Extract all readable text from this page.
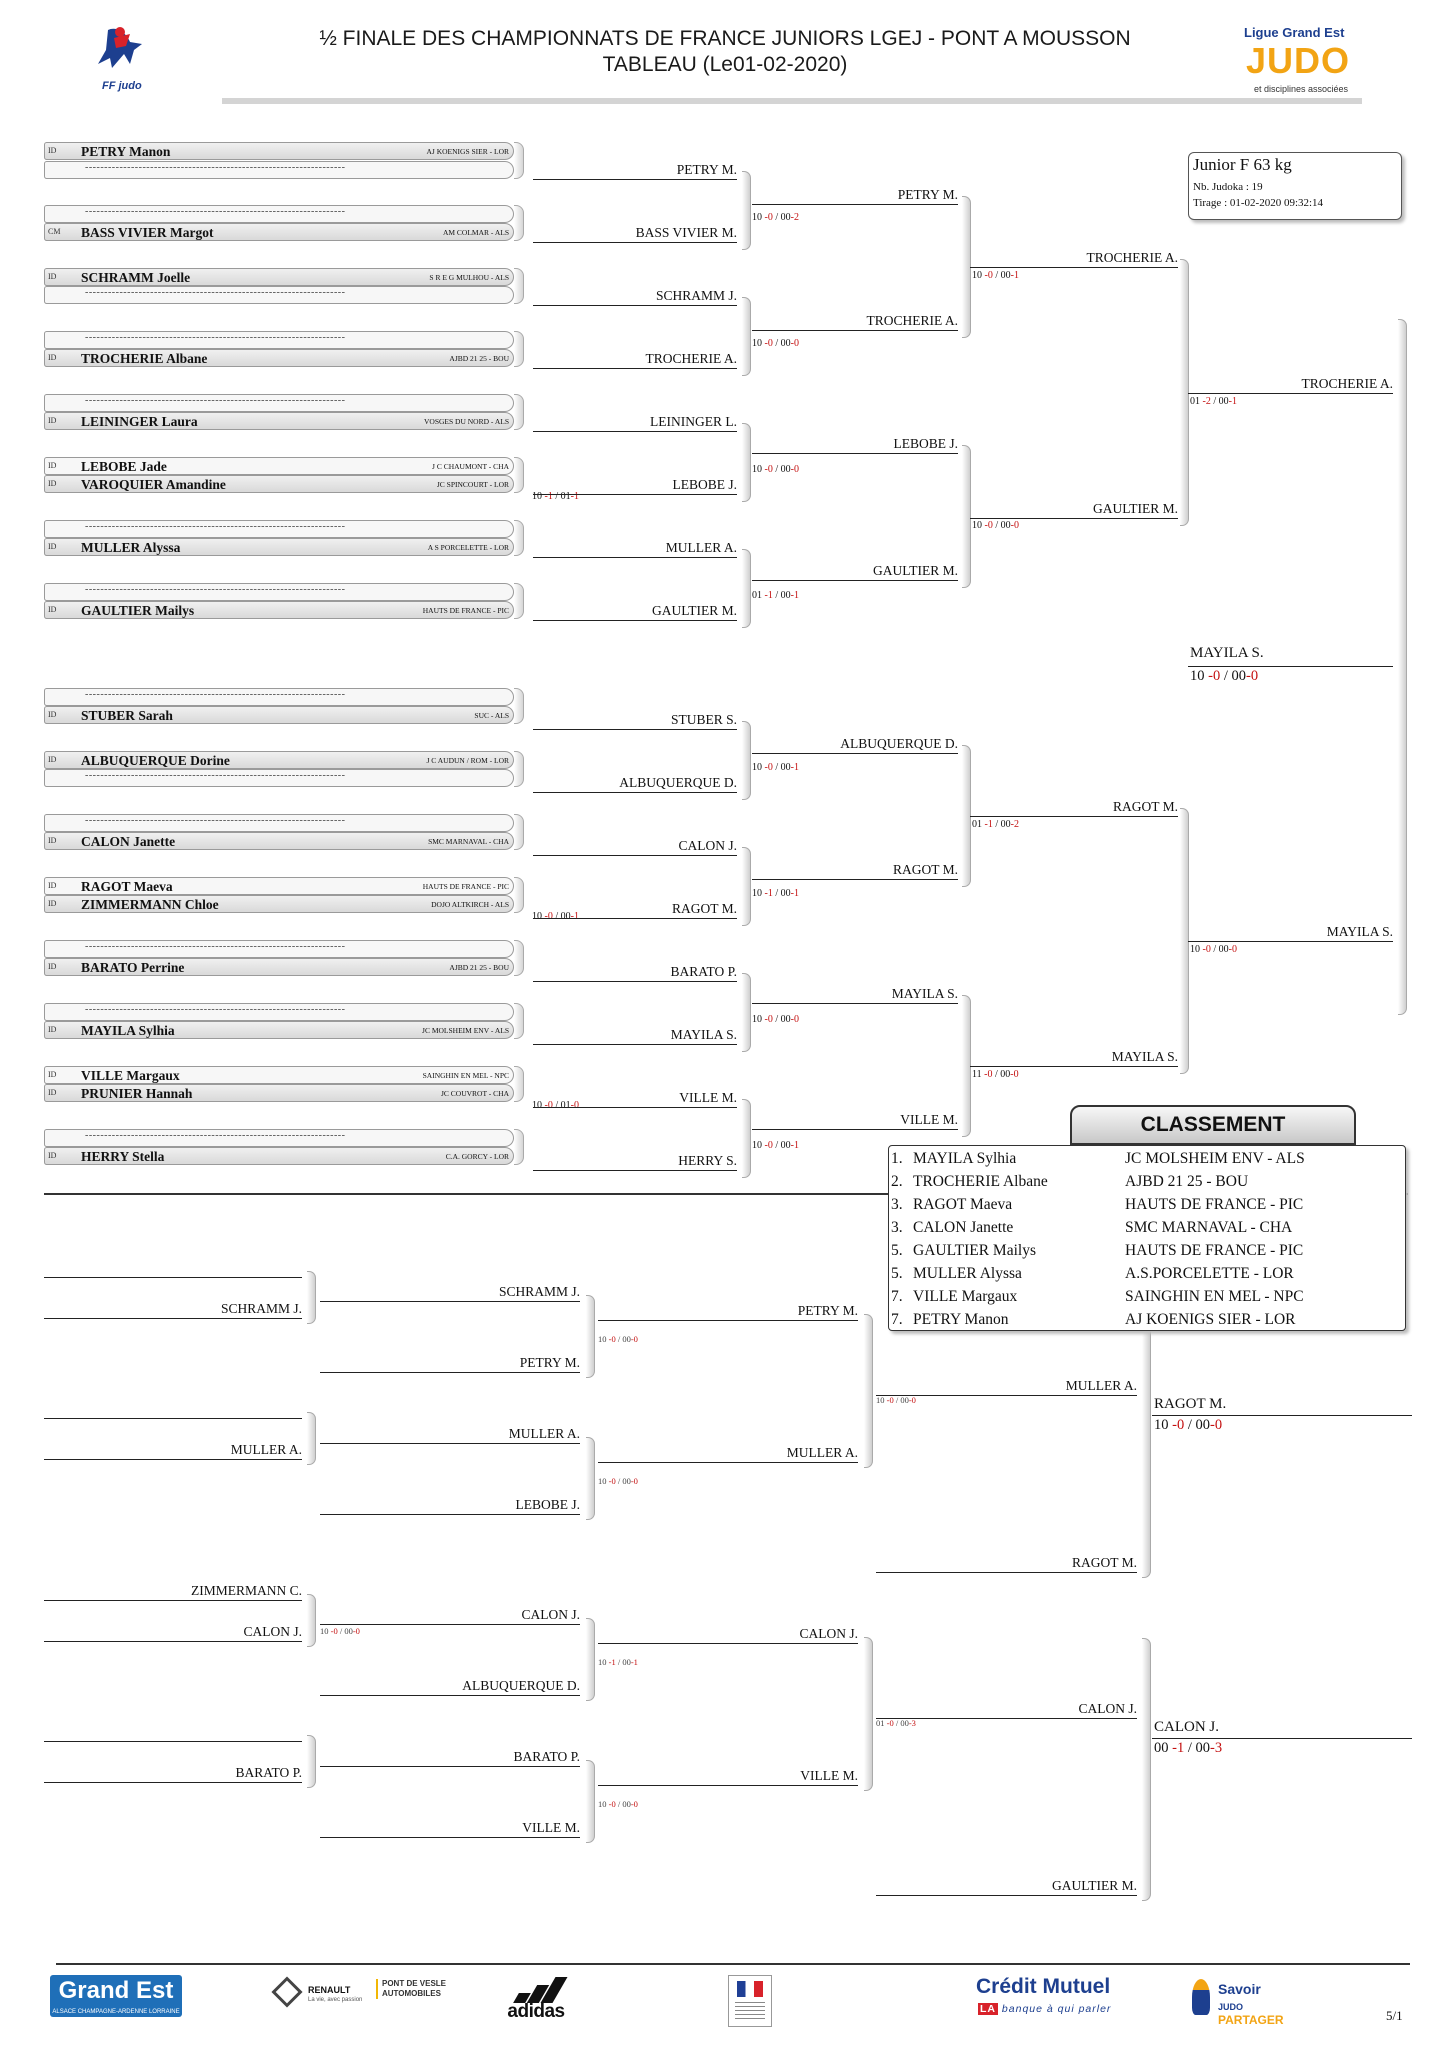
FF judo
½ FINALE DES CHAMPIONNATS DE FRANCE JUNIORS LGEJ - PONT A MOUSSON
TABLEAU (Le01-02-2020)
Ligue Grand Est
JUDO
et disciplines associées
Junior F 63 kg
Nb. Judoka : 19
Tirage : 01-02-2020 09:32:14
ID PETRY Manon	AJ KOENIGS SIER - LOR
--------------------------------------------------------------------
--------------------------------------------------------------------
CM BASS VIVIER Margot	AM COLMAR - ALS
ID SCHRAMM Joelle	S R E G MULHOU - ALS
--------------------------------------------------------------------
--------------------------------------------------------------------
ID TROCHERIE Albane	AJBD 21 25 - BOU
--------------------------------------------------------------------
ID LEININGER Laura	VOSGES DU NORD - ALS
ID LEBOBE Jade	J C CHAUMONT - CHA
ID VAROQUIER Amandine	JC SPINCOURT - LOR
--------------------------------------------------------------------
ID MULLER Alyssa	A S PORCELETTE - LOR
--------------------------------------------------------------------
ID GAULTIER Mailys	HAUTS DE FRANCE - PIC
--------------------------------------------------------------------
ID STUBER Sarah	SUC - ALS
ID ALBUQUERQUE Dorine	J C AUDUN / ROM - LOR
--------------------------------------------------------------------
--------------------------------------------------------------------
ID CALON Janette	SMC MARNAVAL - CHA
ID RAGOT Maeva	HAUTS DE FRANCE - PIC
ID ZIMMERMANN Chloe	DOJO ALTKIRCH - ALS
--------------------------------------------------------------------
ID BARATO Perrine	AJBD 21 25 - BOU
--------------------------------------------------------------------
ID MAYILA Sylhia	JC MOLSHEIM ENV - ALS
ID VILLE Margaux	SAINGHIN EN MEL - NPC
ID PRUNIER Hannah	JC COUVROT - CHA
--------------------------------------------------------------------
ID HERRY Stella	C.A. GORCY - LOR
10 -1 / 01-1
10 -0 / 00-1
10 -0 / 01-0
PETRY M.
BASS VIVIER M.
SCHRAMM J.
TROCHERIE A.
LEININGER L.
LEBOBE J.
MULLER A.
GAULTIER M.
STUBER S.
ALBUQUERQUE D.
CALON J.
RAGOT M.
BARATO P.
MAYILA S.
VILLE M.
HERRY S.
10 -0 / 00-2
10 -0 / 00-0
10 -0 / 00-0
01 -1 / 00-1
10 -0 / 00-1
10 -1 / 00-1
10 -0 / 00-0
10 -0 / 00-1
PETRY M.
TROCHERIE A.
LEBOBE J.
GAULTIER M.
ALBUQUERQUE D.
RAGOT M.
MAYILA S.
VILLE M.
10 -0 / 00-1
10 -0 / 00-0
01 -1 / 00-2
11 -0 / 00-0
TROCHERIE A.
GAULTIER M.
RAGOT M.
MAYILA S.
01 -2 / 00-1
10 -0 / 00-0
TROCHERIE A.
MAYILA S.
MAYILA S.
10 -0 / 00-0
SCHRAMM J.
MULLER A.
SCHRAMM J.
PETRY M.
MULLER A.
LEBOBE J.
10 -0 / 00-0
10 -0 / 00-0
PETRY M.
MULLER A.
10 -0 / 00-0
MULLER A.
RAGOT M.
RAGOT M.
10 -0 / 00-0
ZIMMERMANN C.
CALON J.
BARATO P.
10 -0 / 00-0
CALON J.
ALBUQUERQUE D.
BARATO P.
VILLE M.
10 -1 / 00-1
10 -0 / 00-0
CALON J.
VILLE M.
01 -0 / 00-3
CALON J.
GAULTIER M.
CALON J.
00 -1 / 00-3
CLASSEMENT
1. MAYILA Sylhia	JC MOLSHEIM ENV - ALS
2. TROCHERIE Albane	AJBD 21 25 - BOU
3. RAGOT Maeva	HAUTS DE FRANCE - PIC
3. CALON Janette	SMC MARNAVAL - CHA
5. GAULTIER Mailys	HAUTS DE FRANCE - PIC
5. MULLER Alyssa	A.S.PORCELETTE - LOR
7. VILLE Margaux	SAINGHIN EN MEL - NPC
7. PETRY Manon	AJ KOENIGS SIER - LOR
Grand Est
ALSACE CHAMPAGNE-ARDENNE LORRAINE
RENAULT
La vie, avec passion
PONT DE VESLE AUTOMOBILES
adidas
Crédit Mutuel
LA banque à qui parler
Savoir
JUDO PARTAGER	5/1
